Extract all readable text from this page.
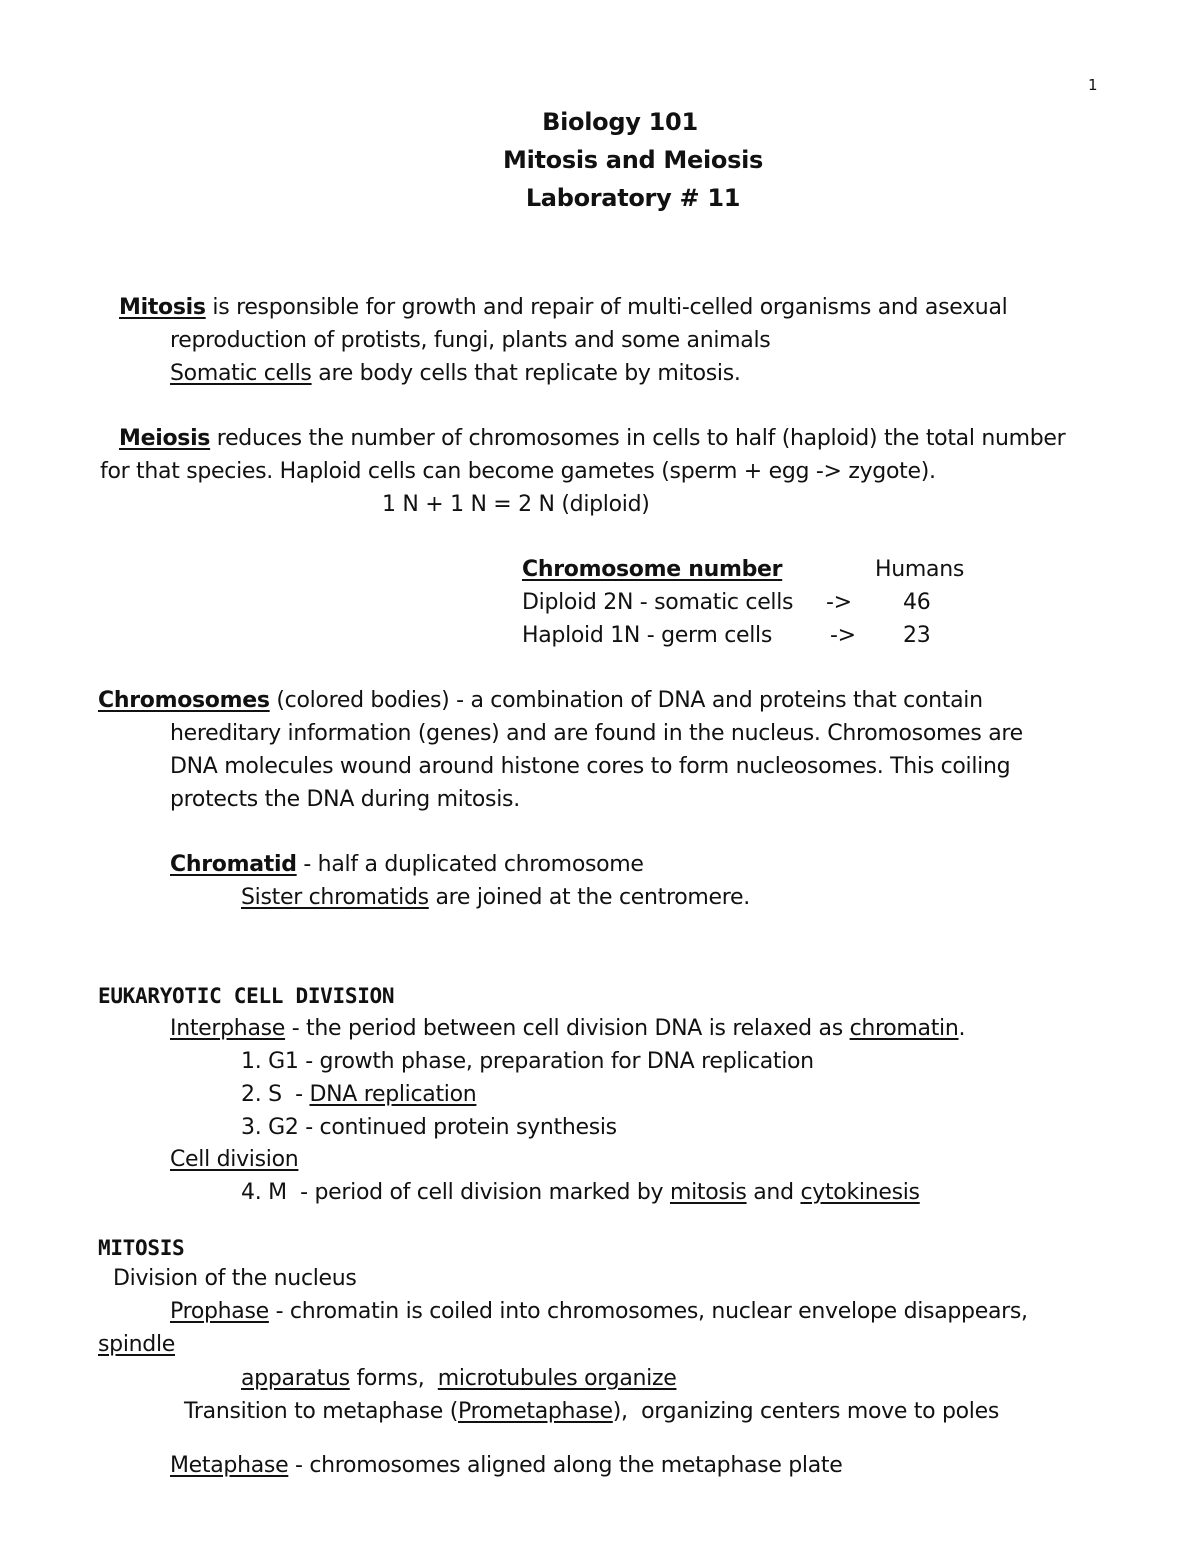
1
Biology 101
Mitosis and Meiosis
Laboratory # 11
Mitosis is responsible for growth and repair of multi-celled organisms and asexual
reproduction of protists, fungi, plants and some animals
Somatic cells are body cells that replicate by mitosis.
Meiosis reduces the number of chromosomes in cells to half (haploid) the total number
for that species. Haploid cells can become gametes (sperm + egg -> zygote).
1 N + 1 N = 2 N (diploid)
Chromosome number	Humans
Diploid 2N - somatic cells -> 46
Haploid 1N - germ cells	-> 23
Chromosomes (colored bodies) - a combination of DNA and proteins that contain
hereditary information (genes) and are found in the nucleus. Chromosomes are
DNA molecules wound around histone cores to form nucleosomes. This coiling
protects the DNA during mitosis.
Chromatid - half a duplicated chromosome
Sister chromatids are joined at the centromere.
EUKARYOTIC CELL DIVISION
Interphase - the period between cell division DNA is relaxed as chromatin.
1. G1 - growth phase, preparation for DNA replication
2. S  - DNA replication
3. G2 - continued protein synthesis
Cell division
4. M  - period of cell division marked by mitosis and cytokinesis
MITOSIS
Division of the nucleus
Prophase - chromatin is coiled into chromosomes, nuclear envelope disappears,
spindle
apparatus forms,  microtubules organize
Transition to metaphase (Prometaphase),  organizing centers move to poles
Metaphase - chromosomes aligned along the metaphase plate
